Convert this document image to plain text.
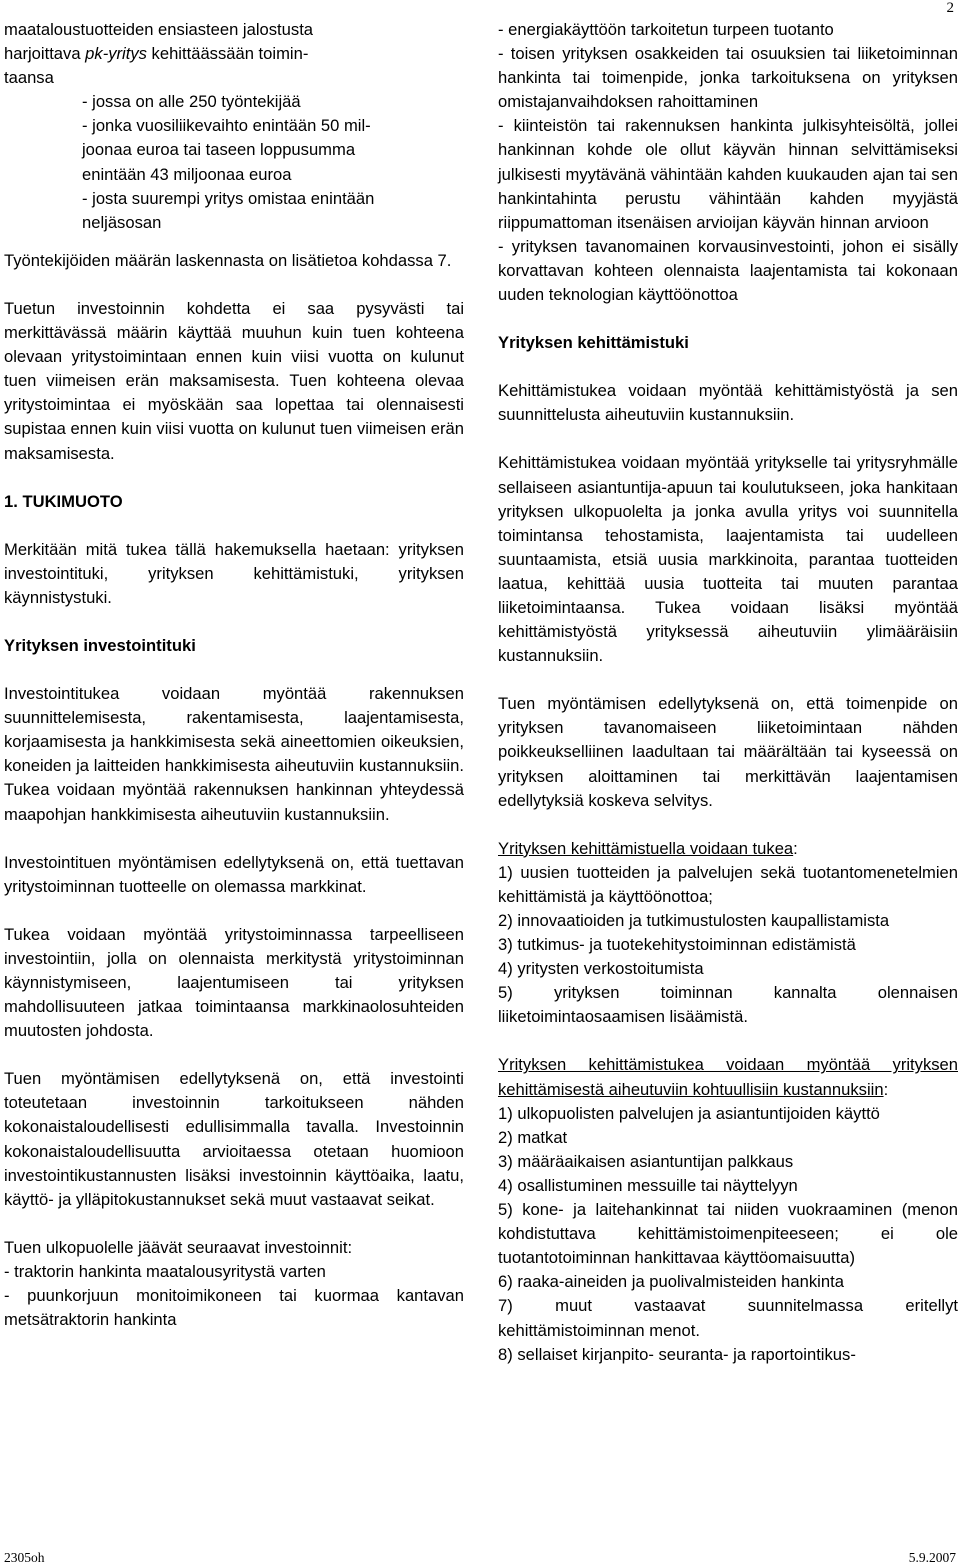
2

maataloustuotteiden ensiasteen jalostusta

harjoittava pk-yritys kehittäässään toimin-

taansa

- jossa on alle 250 työntekijää

- jonka vuosiliikevaihto enintään 50 mil-

joonaa euroa tai taseen loppusumma

enintään 43 miljoonaa euroa

- josta suurempi yritys omistaa enintään

neljäsosan

Työntekijöiden määrän laskennasta on lisätietoa kohdassa 7.

Tuetun investoinnin kohdetta ei saa pysyvästi tai merkittävässä määrin käyttää muuhun kuin tuen kohteena olevaan yritystoimintaan ennen kuin viisi vuotta on kulunut tuen viimeisen erän maksamisesta. Tuen kohteena olevaa yritystoimintaa ei myöskään saa lopettaa tai olennaisesti supistaa ennen kuin viisi vuotta on kulunut tuen viimeisen erän maksamisesta.

1. TUKIMUOTO

Merkitään mitä tukea tällä hakemuksella haetaan: yrityksen investointituki, yrityksen kehittämistuki, yrityksen käynnistystuki.

Yrityksen investointituki

Investointitukea voidaan myöntää rakennuksen suunnittelemisesta, rakentamisesta, laajentamisesta, korjaamisesta ja hankkimisesta sekä aineettomien oikeuksien, koneiden ja laitteiden hankkimisesta aiheutuviin kustannuksiin. Tukea voidaan myöntää rakennuksen hankinnan yhteydessä maapohjan hankkimisesta aiheutuviin kustannuksiin.

Investointituen myöntämisen edellytyksenä on, että tuettavan yritystoiminnan tuotteelle on olemassa markkinat.

Tukea voidaan myöntää yritystoiminnassa tarpeelliseen investointiin, jolla on olennaista merkitystä yritystoiminnan käynnistymiseen, laajentumiseen tai yrityksen mahdollisuuteen jatkaa toimintaansa markkinaolosuhteiden muutosten johdosta.

Tuen myöntämisen edellytyksenä on, että investointi toteutetaan investoinnin tarkoitukseen nähden kokonaistaloudellisesti edullisimmalla tavalla. Investoinnin kokonaistaloudellisuutta arvioitaessa otetaan huomioon investointikustannusten lisäksi investoinnin käyttöaika, laatu, käyttö- ja ylläpitokustannukset sekä muut vastaavat seikat.

Tuen ulkopuolelle jäävät seuraavat investoinnit:

- traktorin hankinta maatalousyritystä varten

- puunkorjuun monitoimikoneen tai kuormaa kantavan metsätraktorin hankinta

- energiakäyttöön tarkoitetun turpeen tuotanto

- toisen yrityksen osakkeiden tai osuuksien tai liiketoiminnan hankinta tai toimenpide, jonka tarkoituksena on yrityksen omistajanvaihdoksen rahoittaminen

- kiinteistön tai rakennuksen hankinta julkisyhteisöltä, jollei hankinnan kohde ole ollut käyvän hinnan selvittämiseksi julkisesti myytävänä vähintään kahden kuukauden ajan tai sen hankintahinta perustu vähintään kahden myyjästä riippumattoman itsenäisen arvioijan käyvän hinnan arvioon

- yrityksen tavanomainen korvausinvestointi, johon ei sisälly korvattavan kohteen olennaista laajentamista tai kokonaan uuden teknologian käyttöönottoa

Yrityksen kehittämistuki

Kehittämistukea voidaan myöntää kehittämistyöstä ja sen suunnittelusta aiheutuviin kustannuksiin.

Kehittämistukea voidaan myöntää yritykselle tai yritysryhmälle sellaiseen asiantuntija-apuun tai koulutukseen, joka hankitaan yrityksen ulkopuolelta ja jonka avulla yritys voi suunnitella toimintansa tehostamista, laajentamista tai uudelleen suuntaamista, etsiä uusia markkinoita, parantaa tuotteiden laatua, kehittää uusia tuotteita tai muuten parantaa liiketoimintaansa. Tukea voidaan lisäksi myöntää kehittämistyöstä yrityksessä aiheutuviin ylimääräisiin kustannuksiin.

Tuen myöntämisen edellytyksenä on, että toimenpide on yrityksen tavanomaiseen liiketoimintaan nähden poikkeukselliinen laadultaan tai määrältään tai kyseessä on yrityksen aloittaminen tai merkittävän laajentamisen edellytyksiä koskeva selvitys.

Yrityksen kehittämistuella voidaan tukea:

1) uusien tuotteiden ja palvelujen sekä tuotantomenetelmien kehittämistä ja käyttöönottoa;

2) innovaatioiden ja tutkimustulosten kaupallistamista

3) tutkimus- ja tuotekehitystoiminnan edistämistä

4) yritysten verkostoitumista

5) yrityksen toiminnan kannalta olennaisen liiketoimintaosaamisen lisäämistä.

Yrityksen kehittämistukea voidaan myöntää yrityksen kehittämisestä aiheutuviin kohtuullisiin kustannuksiin:

1) ulkopuolisten palvelujen ja asiantuntijoiden käyttö

2) matkat

3) määräaikaisen asiantuntijan palkkaus

4) osallistuminen messuille tai näyttelyyn

5) kone- ja laitehankinnat tai niiden vuokraaminen (menon kohdistuttava kehittämistoimenpiteeseen; ei ole tuotantotoiminnan hankittavaa käyttöomaisuutta)

6) raaka-aineiden ja puolivalmisteiden hankinta

7) muut vastaavat suunnitelmassa eritellyt kehittämistoiminnan menot.

8) sellaiset kirjanpito- seuranta- ja raportointikus-

2305oh	5.9.2007
